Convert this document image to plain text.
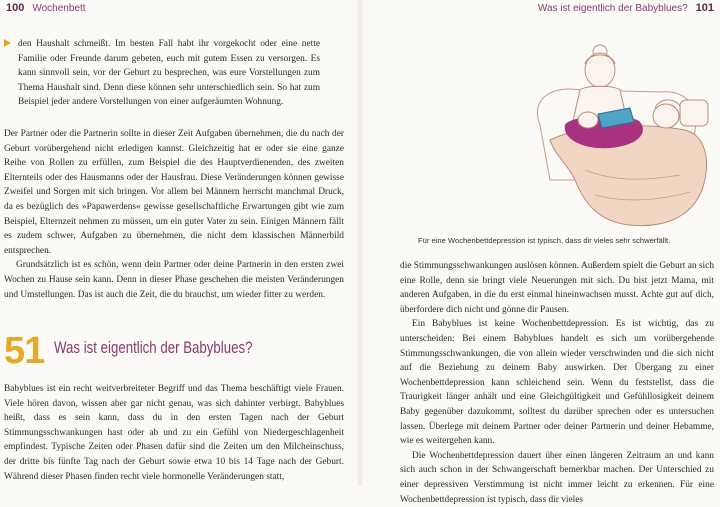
100 Wochenbett

den Haushalt schmeißt. Im besten Fall habt ihr vorgekocht oder eine nette Familie oder Freunde darum gebeten, euch mit gutem Essen zu versorgen. Es kann sinnvoll sein, vor der Geburt zu besprechen, was eure Vorstellungen zum Thema Haushalt sind. Denn diese können sehr unterschiedlich sein. So hat zum Beispiel jeder andere Vorstellungen von einer aufgeräumten Wohnung.

Der Partner oder die Partnerin sollte in dieser Zeit Aufgaben übernehmen, die du nach der Geburt vorübergehend nicht erledigen kannst. Gleichzeitig hat er oder sie eine ganze Reihe von Rollen zu erfüllen, zum Beispiel die des Hauptverdienenden, des zweiten Elternteils oder des Hausmanns oder der Hausfrau. Diese Veränderungen können gewisse Zweifel und Sorgen mit sich bringen. Vor allem bei Männern herrscht manchmal Druck, da es bezüglich des »Papawerdens« gewisse gesellschaftliche Erwartungen gibt wie zum Beispiel, Elternzeit nehmen zu müssen, um ein guter Vater zu sein. Einigen Männern fällt es zudem schwer, Aufgaben zu übernehmen, die nicht dem klassischen Männerbild entsprechen.

Grundsätzlich ist es schön, wenn dein Partner oder deine Partnerin in den ersten zwei Wochen zu Hause sein kann. Denn in dieser Phase geschehen die meisten Veränderungen und Umstellungen. Das ist auch die Zeit, die du brauchst, um wieder fitter zu werden.

51 Was ist eigentlich der Babyblues?

Babyblues ist ein recht weitverbreiteter Begriff und das Thema beschäftigt viele Frauen. Viele hören davon, wissen aber gar nicht genau, was sich dahinter verbirgt. Babyblues heißt, dass es sein kann, dass du in den ersten Tagen nach der Geburt Stimmungsschwankungen hast oder ab und zu ein Gefühl von Niedergeschlagenheit empfindest. Typische Zeiten oder Phasen dafür sind die Zeiten um den Milcheinschuss, der dritte bis fünfte Tag nach der Geburt sowie etwa 10 bis 14 Tage nach der Geburt. Während dieser Phasen finden recht viele hormonelle Veränderungen statt,

Was ist eigentlich der Babyblues? 101
Für eine Wochenbettdepression ist typisch, dass dir vieles sehr schwerfällt.

die Stimmungsschwankungen auslösen können. Außerdem spielt die Geburt an sich eine Rolle, denn sie bringt viele Neuerungen mit sich. Du bist jetzt Mama, mit anderen Aufgaben, in die du erst einmal hineinwachsen musst. Achte gut auf dich, überfordere dich nicht und gönne dir Pausen.

Ein Babyblues ist keine Wochenbettdepression. Es ist wichtig, das zu unterscheiden: Bei einem Babyblues handelt es sich um vorübergehende Stimmungsschwankungen, die von allein wieder verschwinden und die sich nicht auf die Beziehung zu deinem Baby auswirken. Der Übergang zu einer Wochenbettdepression kann schleichend sein. Wenn du feststellst, dass die Traurigkeit länger anhält und eine Gleichgültigkeit und Gefühllosigkeit deinem Baby gegenüber dazukommt, solltest du darüber sprechen oder es untersuchen lassen. Überlege mit deinem Partner oder deiner Partnerin und deiner Hebamme, wie es weitergehen kann.

Die Wochenbettdepression dauert über einen längeren Zeitraum an und kann sich auch schon in der Schwangerschaft bemerkbar machen. Der Unterschied zu einer depressiven Verstimmung ist nicht immer leicht zu erkennen. Für eine Wochenbettdepression ist typisch, dass dir vieles
